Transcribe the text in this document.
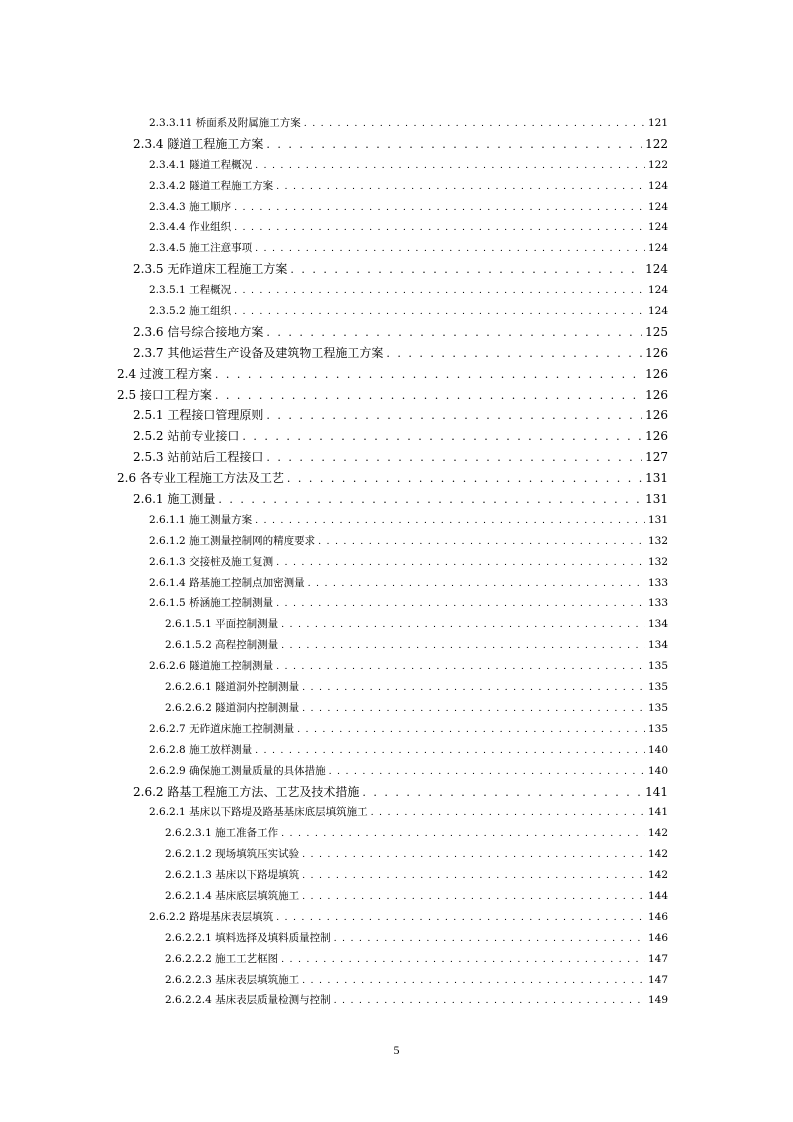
2.3.3.11 桥面系及附属施工方案 . . .	121
2.3.4 隧道工程施工方案 . . .	122
2.3.4.1 隧道工程概况 . . .	122
2.3.4.2 隧道工程施工方案 . . .	124
2.3.4.3 施工顺序 . . .	124
2.3.4.4 作业组织 . . .	124
2.3.4.5 施工注意事项 . . .	124
2.3.5 无砟道床工程施工方案 . . .	124
2.3.5.1 工程概况 . . .	124
2.3.5.2 施工组织 . . .	124
2.3.6 信号综合接地方案 . . .	125
2.3.7 其他运营生产设备及建筑物工程施工方案 . . .	126
2.4 过渡工程方案 . . .	126
2.5 接口工程方案 . . .	126
2.5.1 工程接口管理原则 . . .	126
2.5.2 站前专业接口 . . .	126
2.5.3 站前站后工程接口 . . .	127
2.6 各专业工程施工方法及工艺 . . .	131
2.6.1 施工测量 . . .	131
2.6.1.1 施工测量方案 . . .	131
2.6.1.2 施工测量控制网的精度要求 . . .	132
2.6.1.3 交接桩及施工复测 . . .	132
2.6.1.4 路基施工控制点加密测量 . . .	133
2.6.1.5 桥涵施工控制测量 . . .	133
2.6.1.5.1 平面控制测量 . . .	134
2.6.1.5.2 高程控制测量 . . .	134
2.6.2.6 隧道施工控制测量 . . .	135
2.6.2.6.1 隧道洞外控制测量 . . .	135
2.6.2.6.2 隧道洞内控制测量 . . .	135
2.6.2.7 无砟道床施工控制测量 . . .	135
2.6.2.8 施工放样测量 . . .	140
2.6.2.9 确保施工测量质量的具体措施 . . .	140
2.6.2 路基工程施工方法、工艺及技术措施 . . .	141
2.6.2.1 基床以下路堤及路基基床底层填筑施工 . . .	141
2.6.2.3.1 施工准备工作 . . .	142
2.6.2.1.2 现场填筑压实试验 . . .	142
2.6.2.1.3 基床以下路堤填筑 . . .	142
2.6.2.1.4 基床底层填筑施工 . . .	144
2.6.2.2 路堤基床表层填筑 . . .	146
2.6.2.2.1 填料选择及填料质量控制 . . .	146
2.6.2.2.2 施工工艺框图 . . .	147
2.6.2.2.3 基床表层填筑施工 . . .	147
2.6.2.2.4 基床表层质量检测与控制 . . .	149
5
